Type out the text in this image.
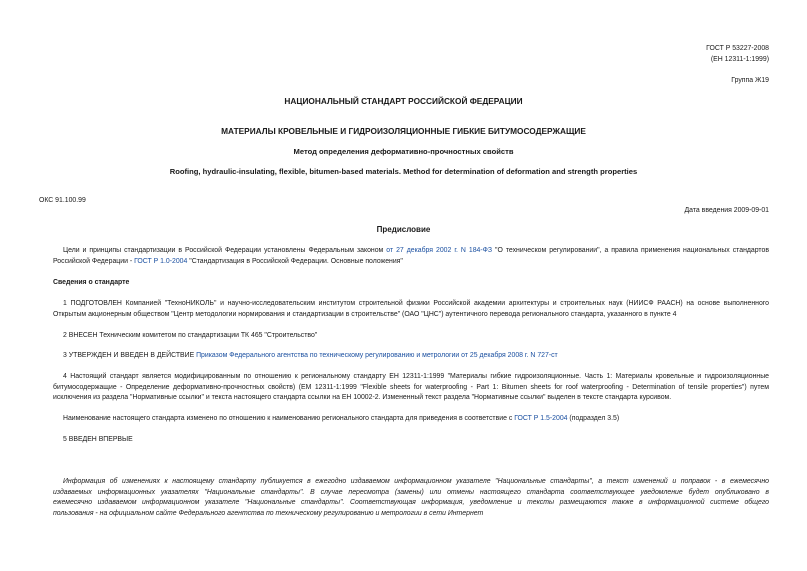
ГОСТ Р 53227-2008

(ЕН 12311-1:1999)

Группа Ж19

НАЦИОНАЛЬНЫЙ СТАНДАРТ РОССИЙСКОЙ ФЕДЕРАЦИИ

МАТЕРИАЛЫ КРОВЕЛЬНЫЕ И ГИДРОИЗОЛЯЦИОННЫЕ ГИБКИЕ БИТУМОСОДЕРЖАЩИЕ

Метод определения деформативно-прочностных свойств

Roofing, hydraulic-insulating, flexible, bitumen-based materials. Method for determination of deformation and strength properties

ОКС 91.100.99

Дата введения 2009-09-01

Предисловие

Цели и принципы стандартизации в Российской Федерации установлены Федеральным законом от 27 декабря 2002 г. N 184-ФЗ "О техническом регулировании", а правила применения национальных стандартов
Российской Федерации - ГОСТ Р 1.0-2004 "Стандартизация в Российской Федерации. Основные положения"

Сведения о стандарте

1 ПОДГОТОВЛЕН Компанией "ТехноНИКОЛЬ" и научно-исследовательским институтом строительной физики Российской академии архитектуры и строительных наук (НИИСФ РААСН) на основе выполненного
Открытым акционерным обществом "Центр методологии нормирования и стандартизации в строительстве" (ОАО "ЦНС") аутентичного перевода регионального стандарта, указанного в пункте 4

2 ВНЕСЕН Техническим комитетом по стандартизации ТК 465 "Строительство"

3 УТВЕРЖДЕН И ВВЕДЕН В ДЕЙСТВИЕ Приказом Федерального агентства по техническому регулированию и метрологии от 25 декабря 2008 г. N 727-ст

4 Настоящий стандарт является модифицированным по отношению к региональному стандарту ЕН 12311-1:1999 "Материалы гибкие гидроизоляционные. Часть 1: Материалы кровельные и гидроизоляционные
битумосодержащие - Определение деформативно-прочностных свойств) (ЕМ 12311-1:1999 "Flexible sheets for waterproofing - Part 1: Bitumen sheets for roof waterproofing - Determination of tensile properties") путем
исключения из раздела "Нормативные ссылки" и текста настоящего стандарта ссылки на ЕН 10002-2. Измененный текст раздела "Нормативные ссылки" выделен в тексте стандарта курсивом.

Наименование настоящего стандарта изменено по отношению к наименованию регионального стандарта для приведения в соответствие с ГОСТ Р 1.5-2004 (подраздел 3.5)

5 ВВЕДЕН ВПЕРВЫЕ

Информация об изменениях к настоящему стандарту публикуется в ежегодно издаваемом информационном указателе "Национальные стандарты", а текст изменений и поправок - в ежемесячно
издаваемых информационных указателях "Национальные стандарты". В случае пересмотра (замены) или отмены настоящего стандарта соответствующее уведомление будет опубликовано в
ежемесячно издаваемом информационном указателе "Национальные стандарты". Соответствующая информация, уведомление и тексты размещаются также в информационной системе общего
пользования - на официальном сайте Федерального агентства по техническому регулированию и метрологии в сети Интернет
